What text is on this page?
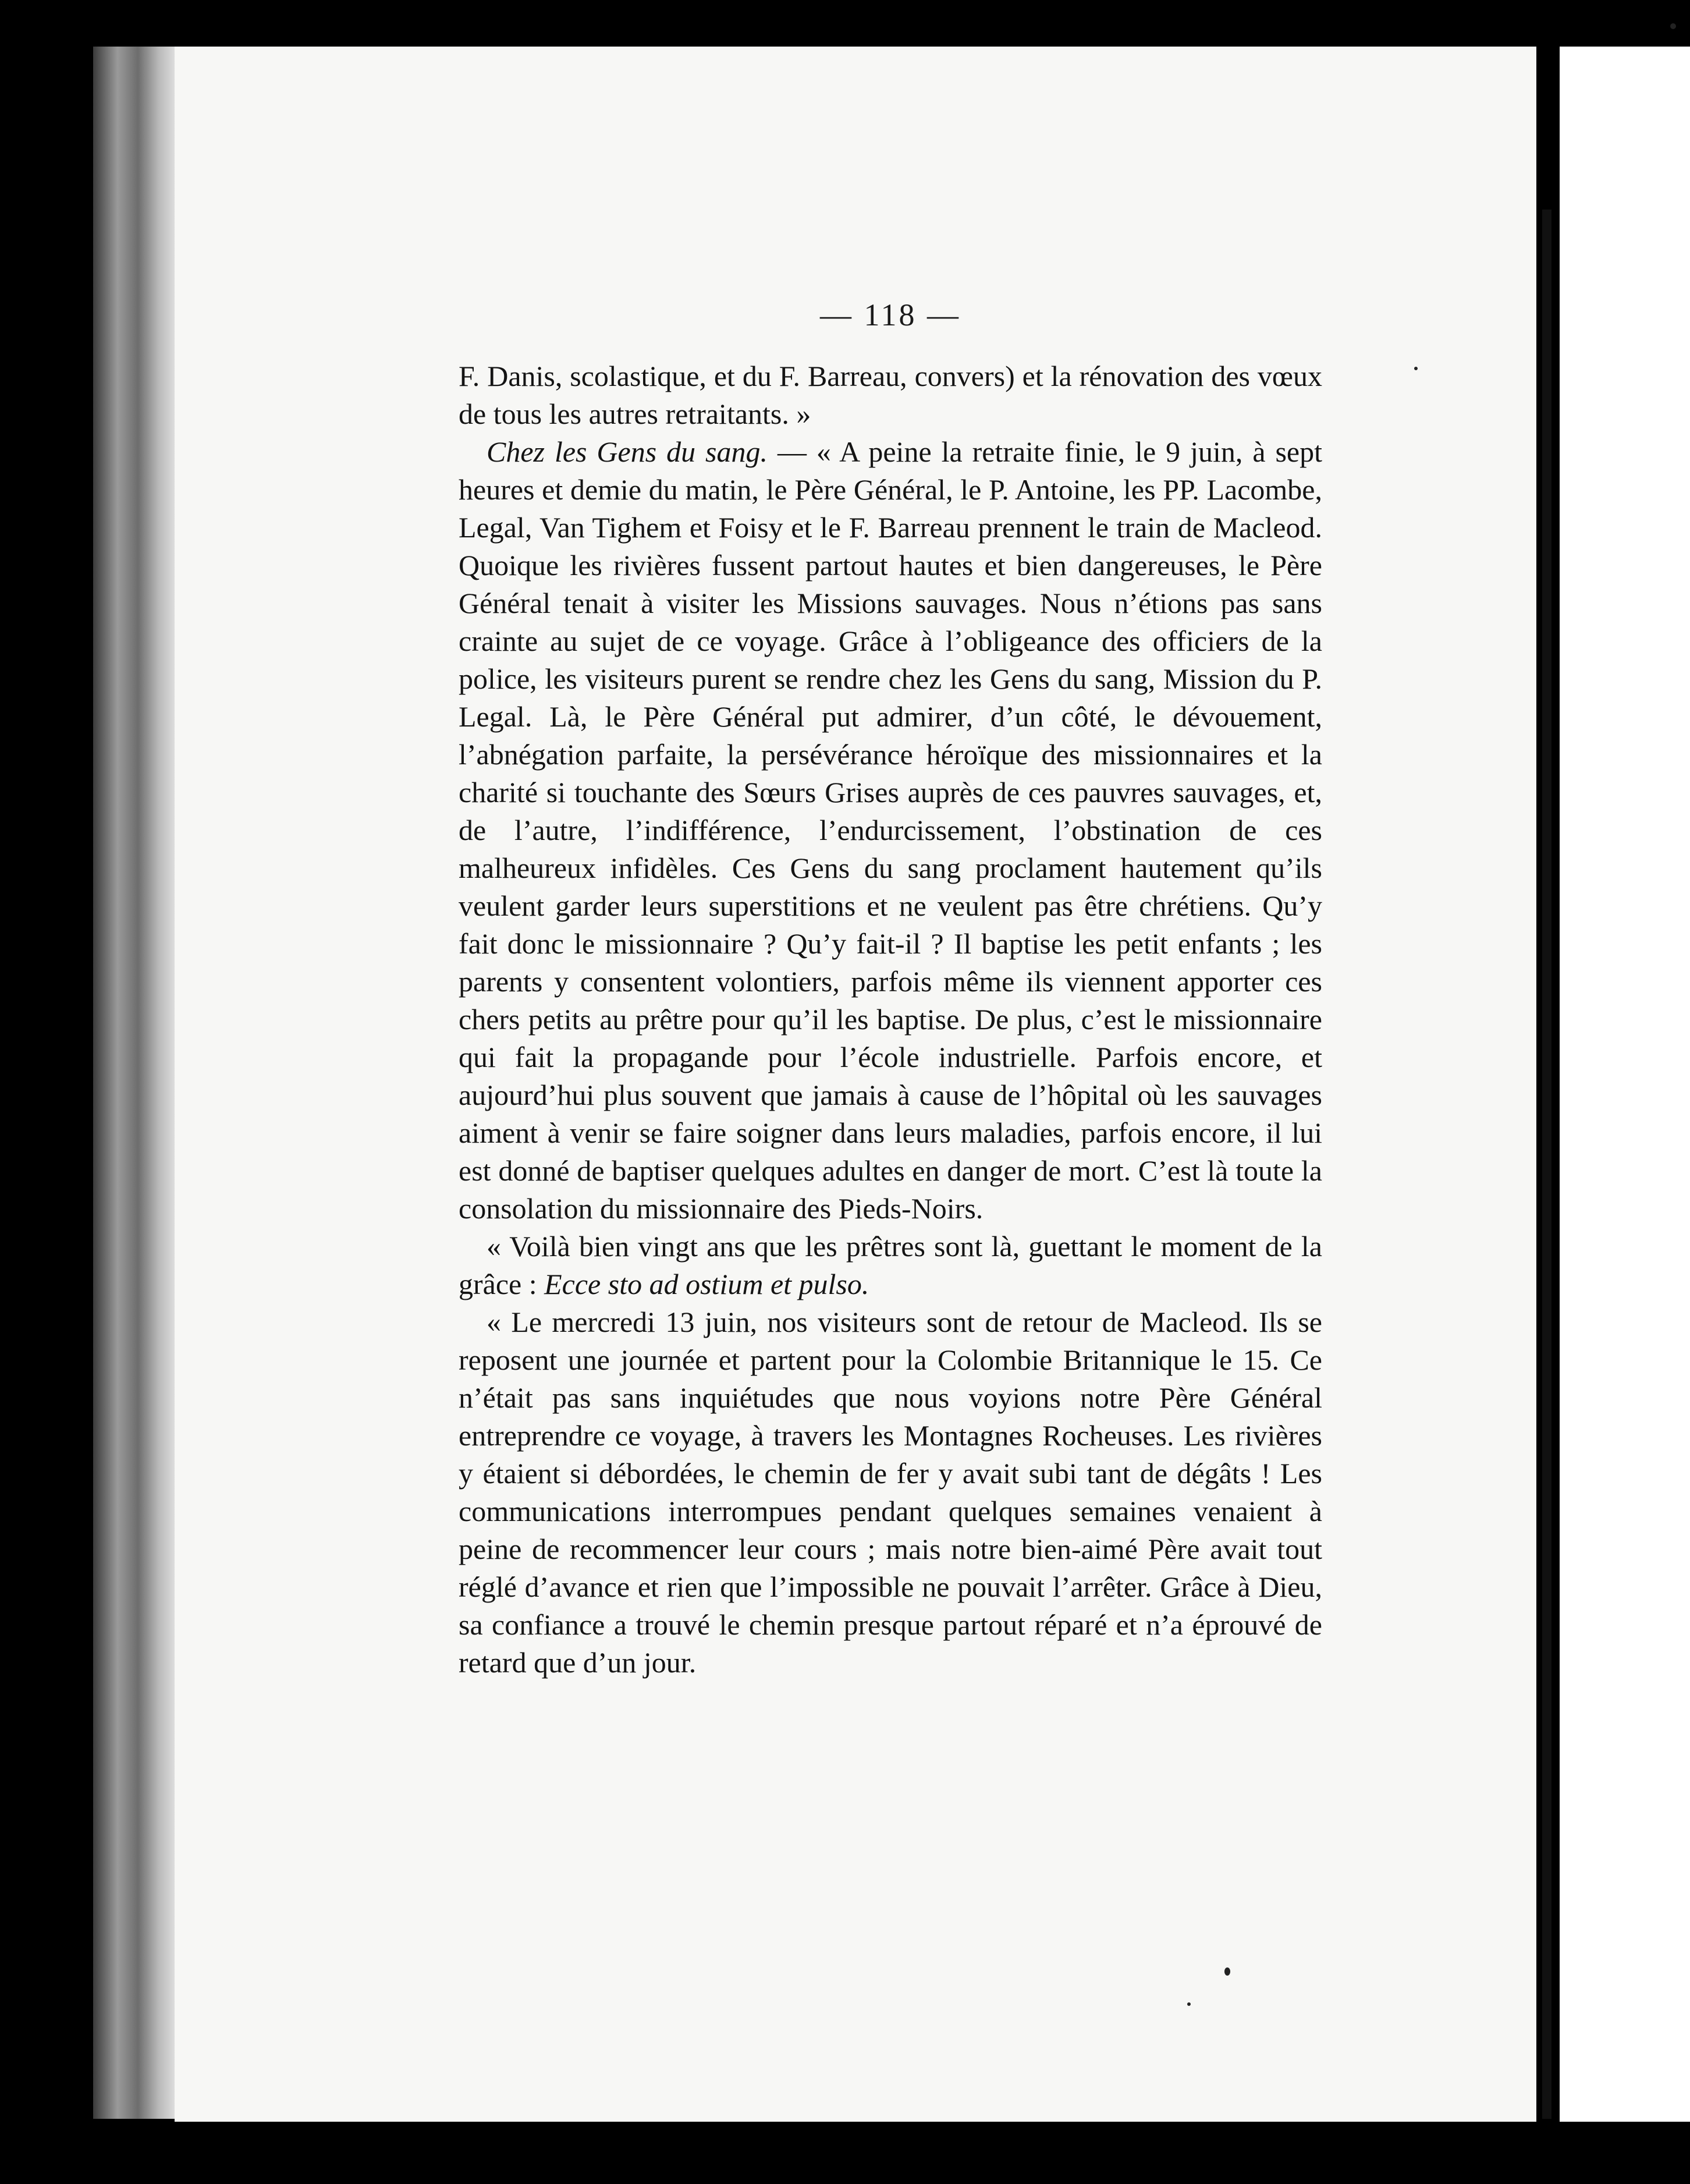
— 118 —

F. Danis, scolastique, et du F. Barreau, convers) et la rénovation des vœux de tous les autres retraitants. »

Chez les Gens du sang. — « A peine la retraite finie, le 9 juin, à sept heures et demie du matin, le Père Général, le P. Antoine, les PP. Lacombe, Legal, Van Tighem et Foisy et le F. Barreau prennent le train de Macleod. Quoique les rivières fussent partout hautes et bien dangereuses, le Père Général tenait à visiter les Missions sauvages. Nous n’étions pas sans crainte au sujet de ce voyage. Grâce à l’obligeance des officiers de la police, les visiteurs purent se rendre chez les Gens du sang, Mission du P. Legal. Là, le Père Général put admirer, d’un côté, le dévouement, l’abnégation parfaite, la persévérance héroïque des missionnaires et la charité si touchante des Sœurs Grises auprès de ces pauvres sauvages, et, de l’autre, l’indifférence, l’endurcissement, l’obstination de ces malheureux infidèles. Ces Gens du sang proclament hautement qu’ils veulent garder leurs superstitions et ne veulent pas être chrétiens. Qu’y fait donc le missionnaire ? Qu’y fait-il ? Il baptise les petit enfants ; les parents y consentent volontiers, parfois même ils viennent apporter ces chers petits au prêtre pour qu’il les baptise. De plus, c’est le missionnaire qui fait la propagande pour l’école industrielle. Parfois encore, et aujourd’hui plus souvent que jamais à cause de l’hôpital où les sauvages aiment à venir se faire soigner dans leurs maladies, parfois encore, il lui est donné de baptiser quelques adultes en danger de mort. C’est là toute la consolation du missionnaire des Pieds-Noirs.

« Voilà bien vingt ans que les prêtres sont là, guettant le moment de la grâce : Ecce sto ad ostium et pulso.

« Le mercredi 13 juin, nos visiteurs sont de retour de Macleod. Ils se reposent une journée et partent pour la Colombie Britannique le 15. Ce n’était pas sans inquiétudes que nous voyions notre Père Général entreprendre ce voyage, à travers les Montagnes Rocheuses. Les rivières y étaient si débordées, le chemin de fer y avait subi tant de dégâts ! Les communications interrompues pendant quelques semaines venaient à peine de recommencer leur cours ; mais notre bien-aimé Père avait tout réglé d’avance et rien que l’impossible ne pouvait l’arrêter. Grâce à Dieu, sa confiance a trouvé le chemin presque partout réparé et n’a éprouvé de retard que d’un jour.
